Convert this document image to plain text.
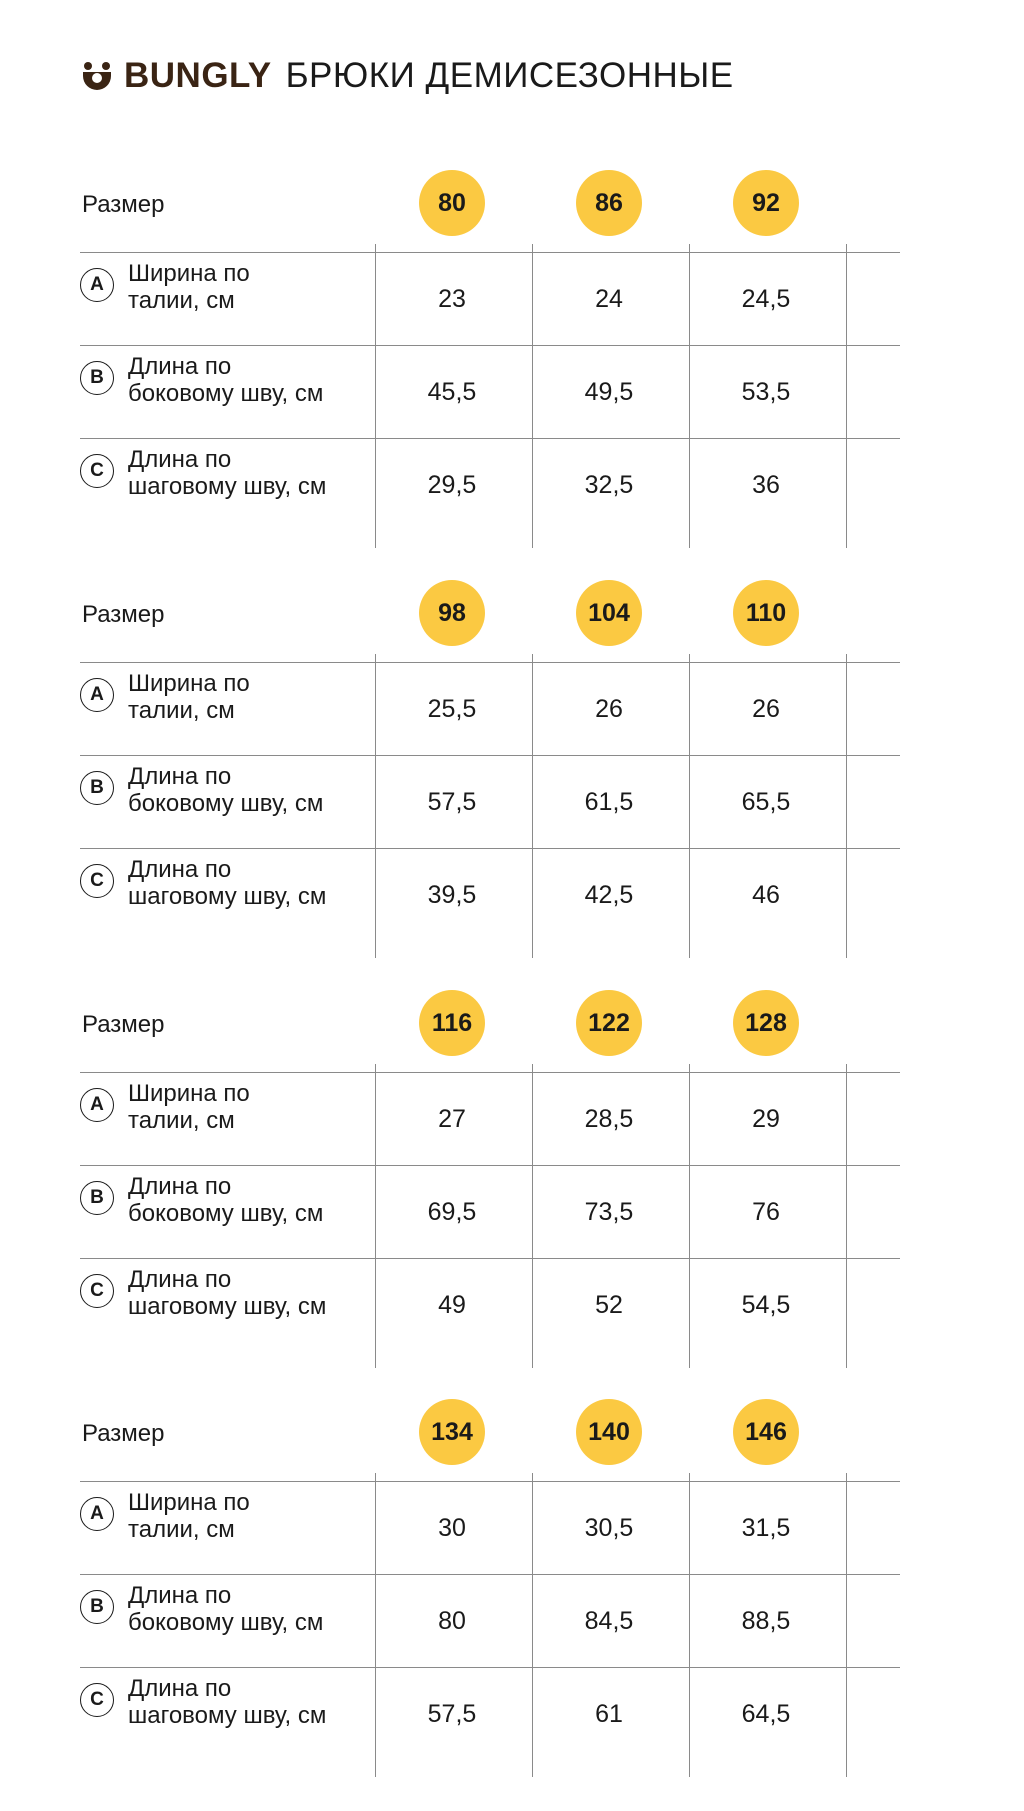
BUNGLY БРЮКИ ДЕМИСЕЗОННЫЕ
Размер	80	86	92
A	Ширина по
талии, см	23	24	24,5
B	Длина по
боковому шву, см	45,5	49,5	53,5
C	Длина по
шаговому шву, см	29,5	32,5	36
Размер	98	104	110
A	Ширина по
талии, см	25,5	26	26
B	Длина по
боковому шву, см	57,5	61,5	65,5
C	Длина по
шаговому шву, см	39,5	42,5	46
Размер	116	122	128
A	Ширина по
талии, см	27	28,5	29
B	Длина по
боковому шву, см	69,5	73,5	76
C	Длина по
шаговому шву, см	49	52	54,5
Размер	134	140	146
A	Ширина по
талии, см	30	30,5	31,5
B	Длина по
боковому шву, см	80	84,5	88,5
C	Длина по
шаговому шву, см	57,5	61	64,5
